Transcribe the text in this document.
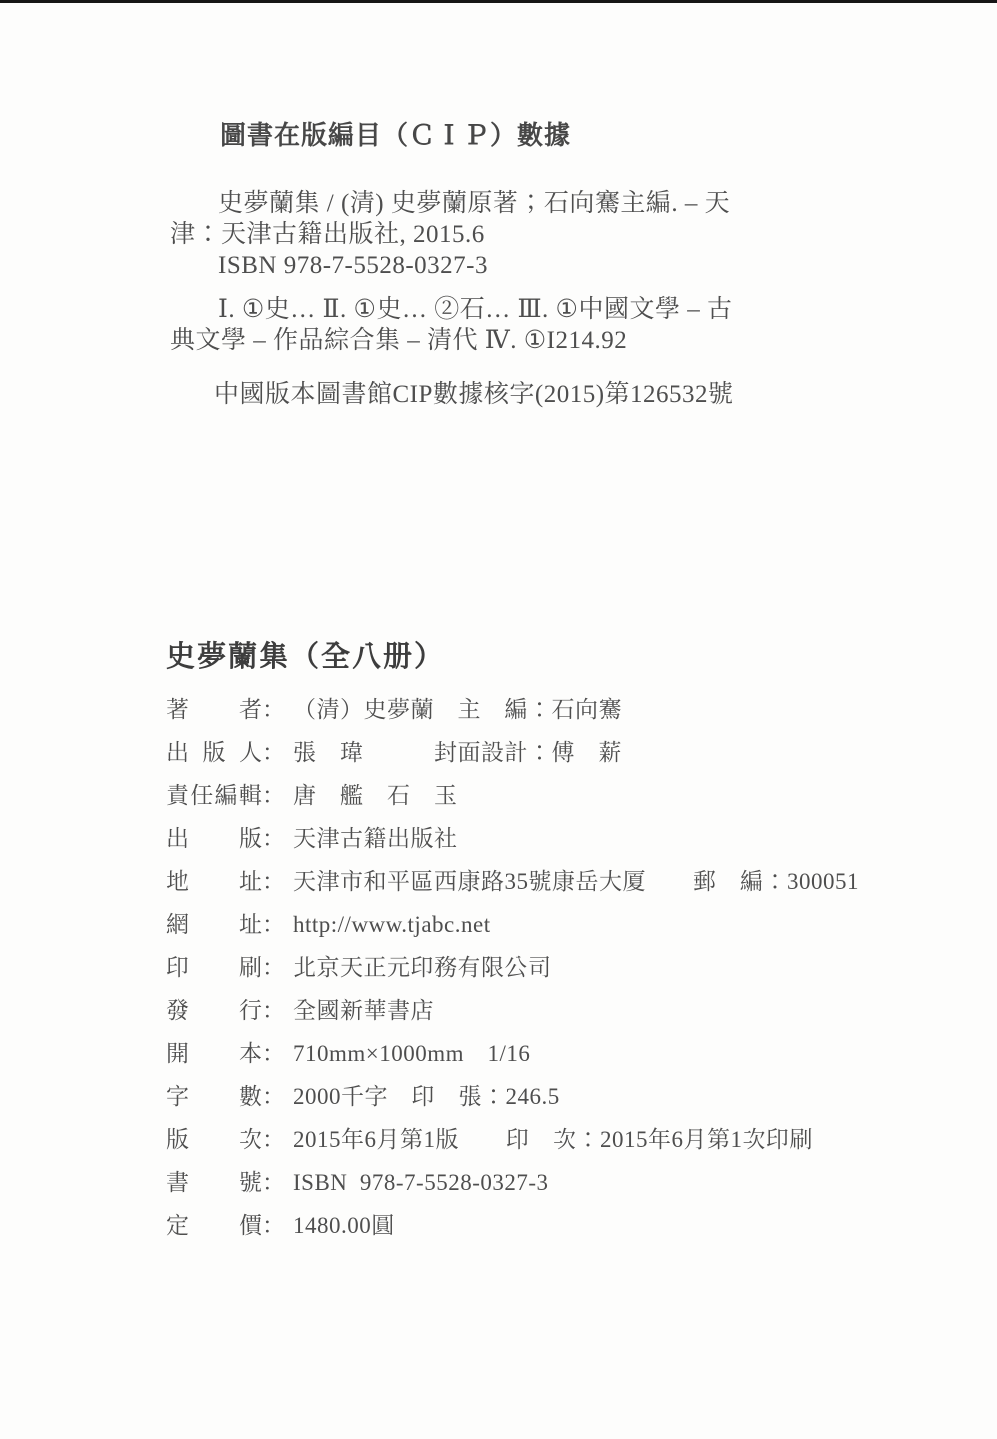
圖書在版編目（ＣＩＰ）數據
史夢蘭集 / (清) 史夢蘭原著；石向騫主編. – 天
津：天津古籍出版社, 2015.6
ISBN 978-7-5528-0327-3
Ⅰ. ①史… Ⅱ. ①史… ②石… Ⅲ. ①中國文學 – 古
典文學 – 作品綜合集 – 清代 Ⅳ. ①I214.92
中國版本圖書館CIP數據核字(2015)第126532號
史夢蘭集（全八册）
著者 ： （清）史夢蘭　主　編：石向騫
出版人 ： 張　瑋　　　封面設計：傅　薪
責任編輯 ： 唐　艦　石　玉
出版 ： 天津古籍出版社
地址 ： 天津市和平區西康路35號康岳大厦　　郵　編：300051
網址 ： http://www.tjabc.net
印刷 ： 北京天正元印務有限公司
發行 ： 全國新華書店
開本 ： 710mm×1000mm　1/16
字數 ： 2000千字　印　張：246.5
版次 ： 2015年6月第1版　　印　次：2015年6月第1次印刷
書號 ： ISBN  978-7-5528-0327-3
定價 ： 1480.00圓
